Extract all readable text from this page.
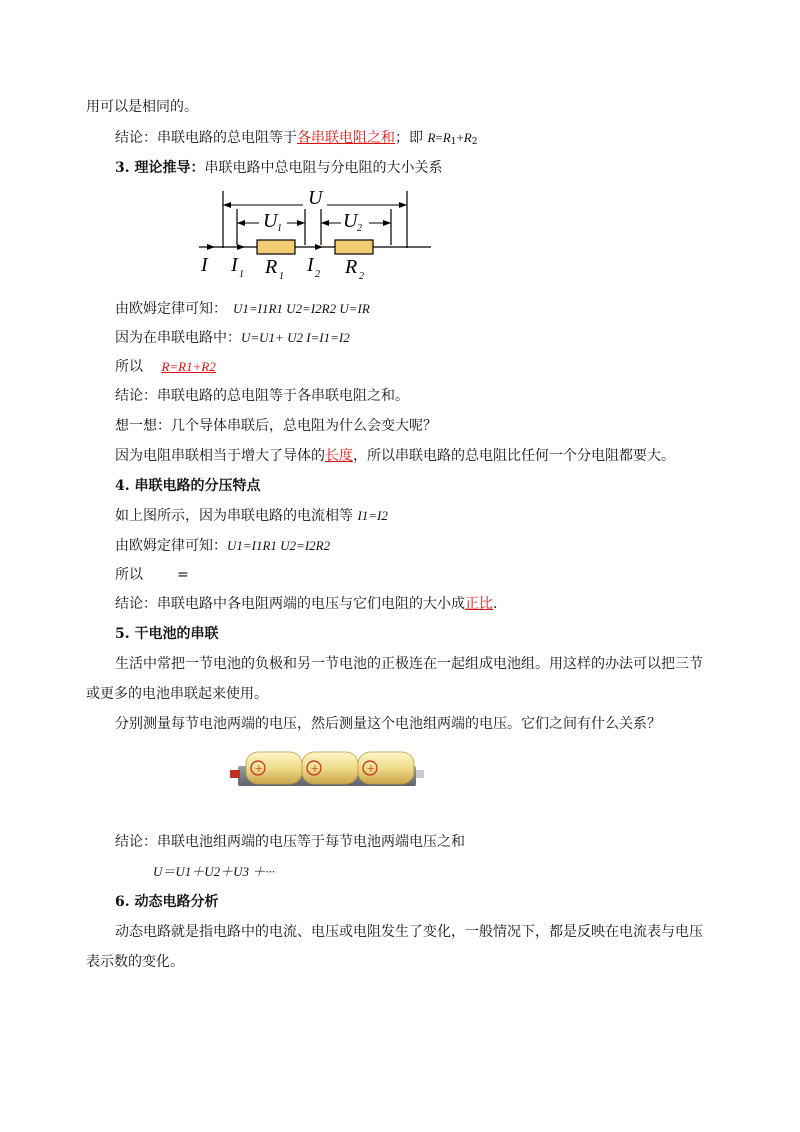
用可以是相同的。
结论：串联电路的总电阻等于各串联电阻之和；即 $R=R_1+R_2$
3. 理论推导：串联电路中总电阻与分电阻的大小关系
U
U 1	U 2
I I 1 R 1
I 2 R 2
由欧姆定律可知： U1=I1R1 U2=I2R2 U=IR
因为在串联电路中：U=U1+ U2 I=I1=I2
所以 R=R1+R2
结论：串联电路的总电阻等于各串联电阻之和。
想一想：几个导体串联后，总电阻为什么会变大呢？
因为电阻串联相当于增大了导体的长度，所以串联电路的总电阻比任何一个分电阻都要大。
4. 串联电路的分压特点
如上图所示，因为串联电路的电流相等 I1=I2
由欧姆定律可知：U1=I1R1 U2=I2R2
所以 =
结论：串联电路中各电阻两端的电压与它们电阻的大小成正比.
5. 干电池的串联
生活中常把一节电池的负极和另一节电池的正极连在一起组成电池组。用这样的办法可以把三节
或更多的电池串联起来使用。
分别测量每节电池两端的电压，然后测量这个电池组两端的电压。它们之间有什么关系？
+	+	+
结论：串联电池组两端的电压等于每节电池两端电压之和
U＝U1＋U2＋U3 ＋···
6. 动态电路分析
动态电路就是指电路中的电流、电压或电阻发生了变化，一般情况下，都是反映在电流表与电压
表示数的变化。
